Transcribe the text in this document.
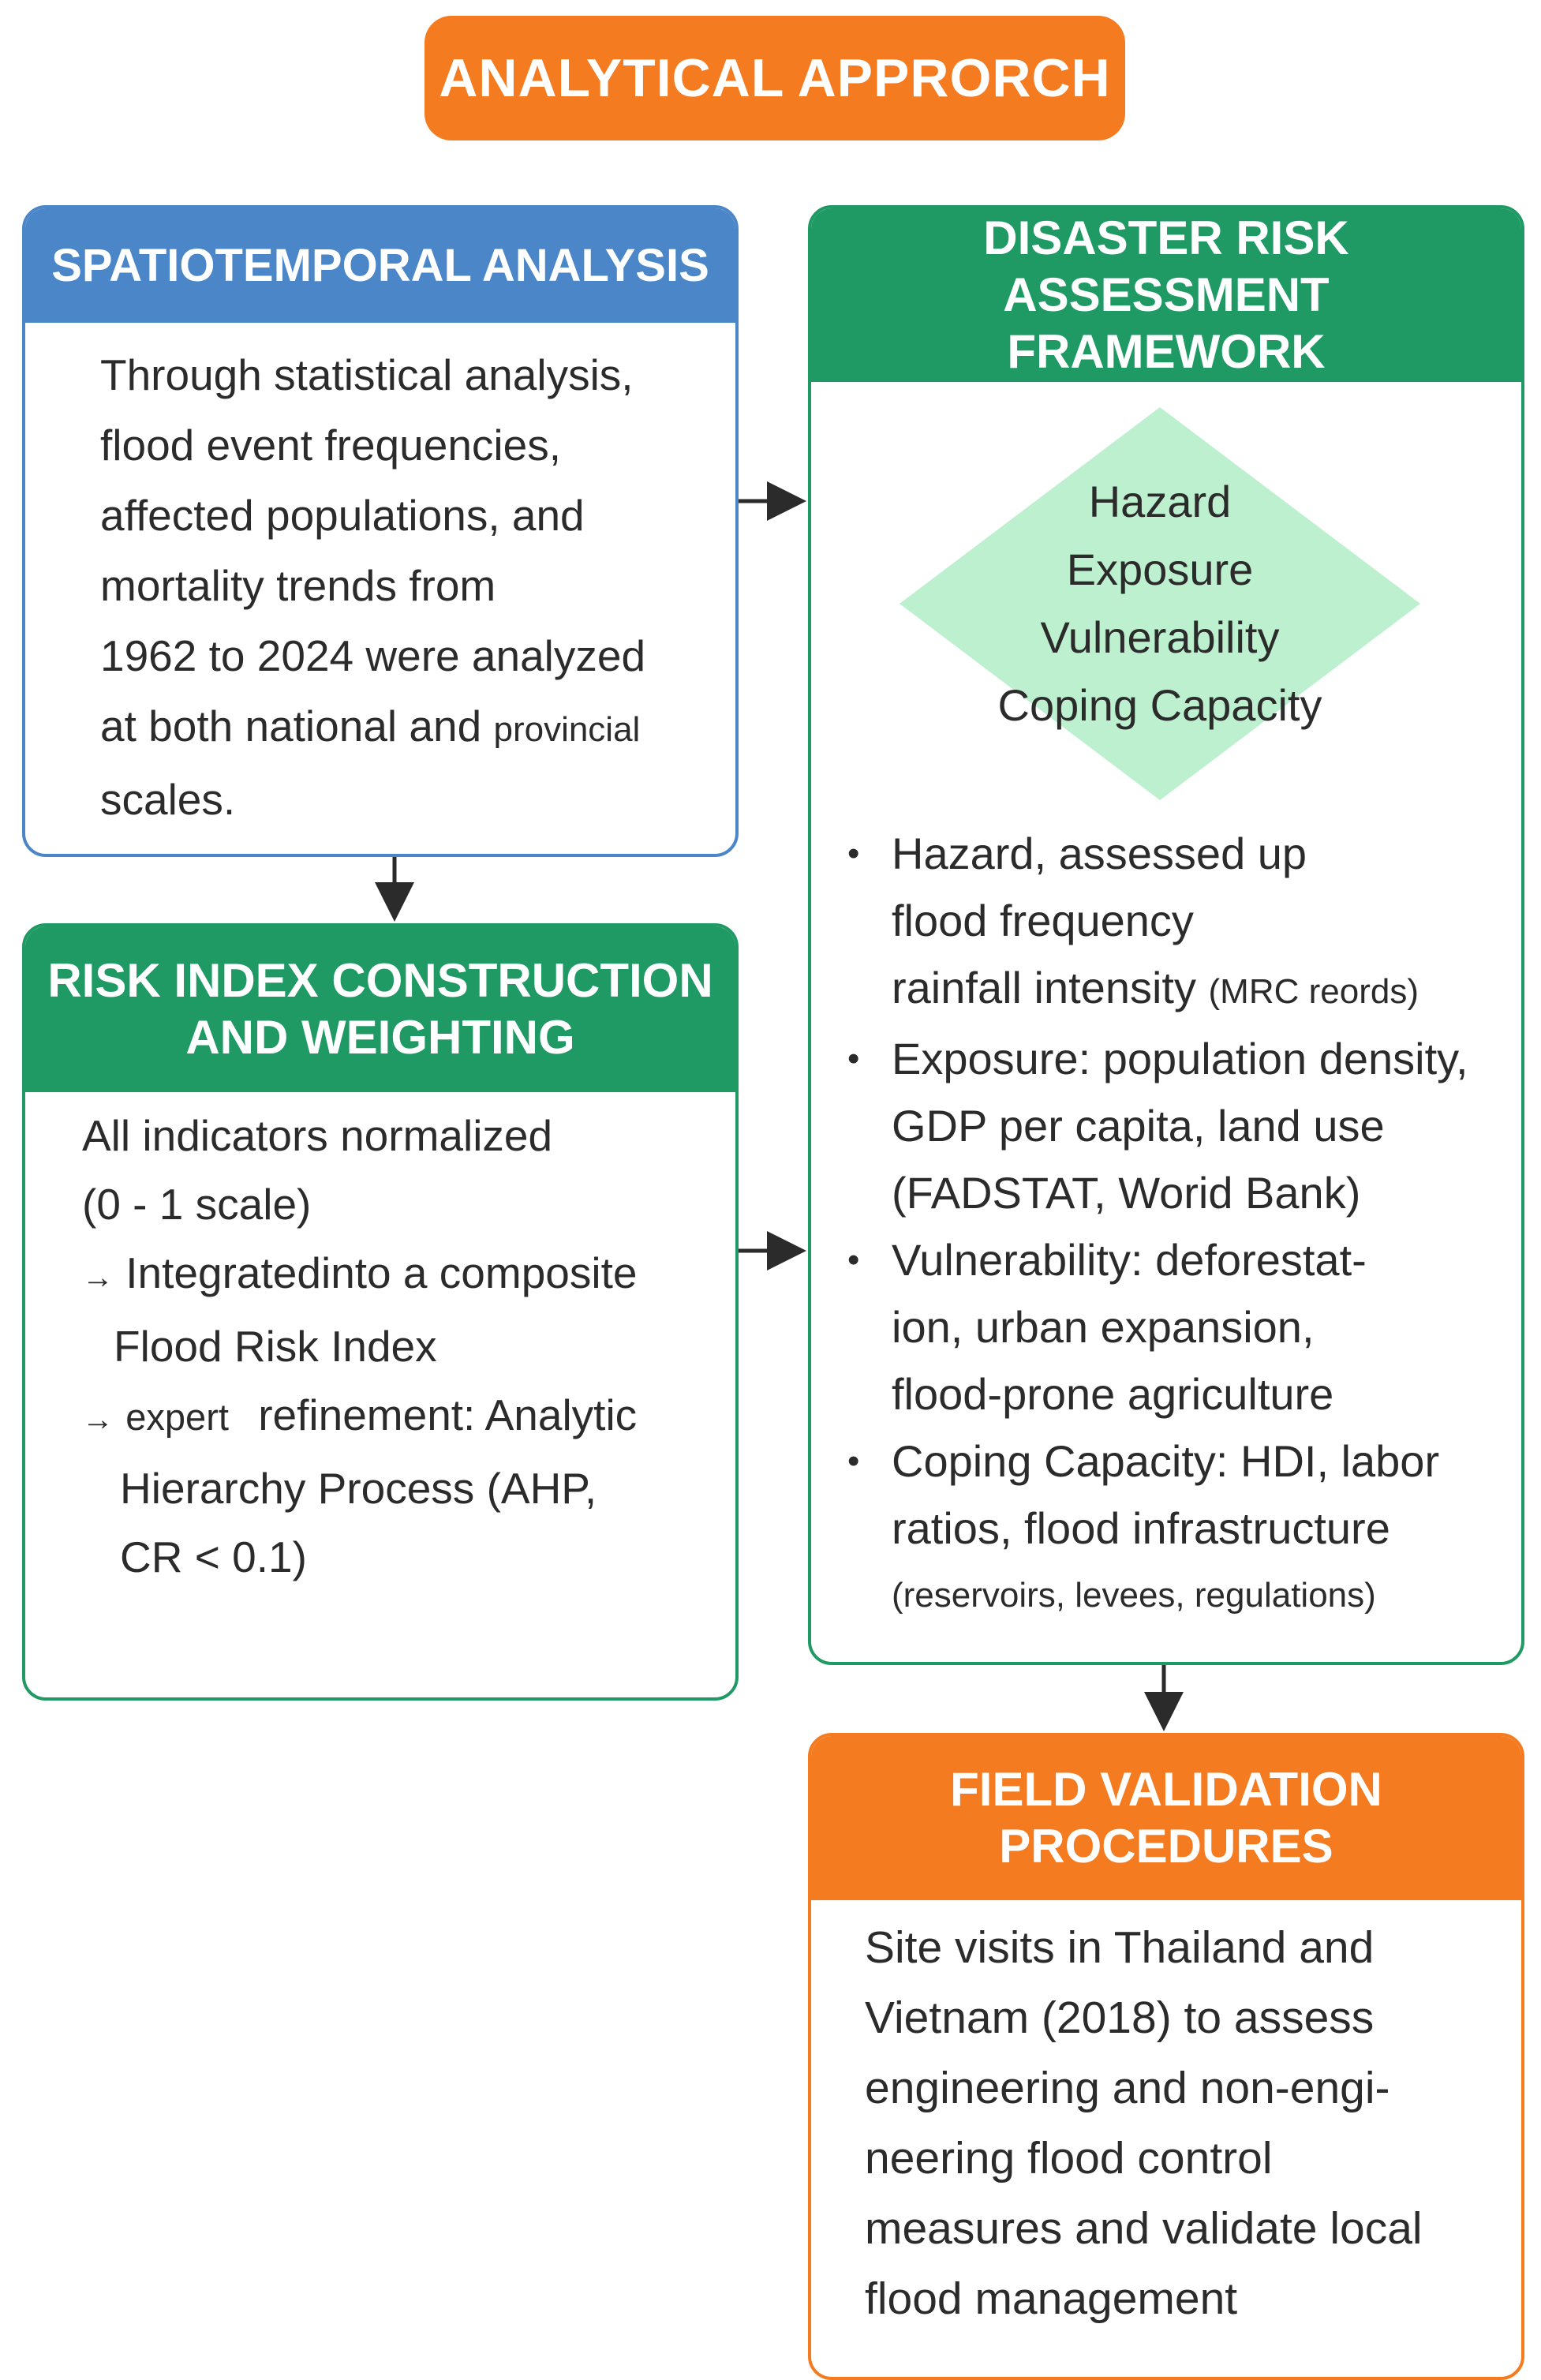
ANALYTICAL APPRORCH
SPATIOTEMPORAL ANALYSIS
Through statistical analysis,
flood event frequencies,
affected populations, and
mortality trends from
1962 to 2024 were analyzed
at both national and provincial
scales.
RISK INDEX CONSTRUCTION
AND WEIGHTING
All indicators normalized
(0 - 1 scale)
→ Integratedinto a composite
Flood Risk Index
→ expert refinement: Analytic
Hierarchy Process (AHP,
CR < 0.1)
DISASTER RISK ASSESSMENT
FRAMEWORK
Hazard
Exposure
Vulnerability
Coping Capacity
• Hazard, assessed up
flood frequency
rainfall intensity (MRC reords)
• Exposure: population density,
GDP per capita, land use
(FADSTAT, Worid Bank)
• Vulnerability: deforestat-
ion, urban expansion,
flood-prone agriculture
• Coping Capacity: HDI, labor
ratios, flood infrastructure
(reservoirs, levees, regulations)
FIELD VALIDATION
PROCEDURES
Site visits in Thailand and
Vietnam (2018) to assess
engineering and non-engi-
neering flood control
measures and validate local
flood management
